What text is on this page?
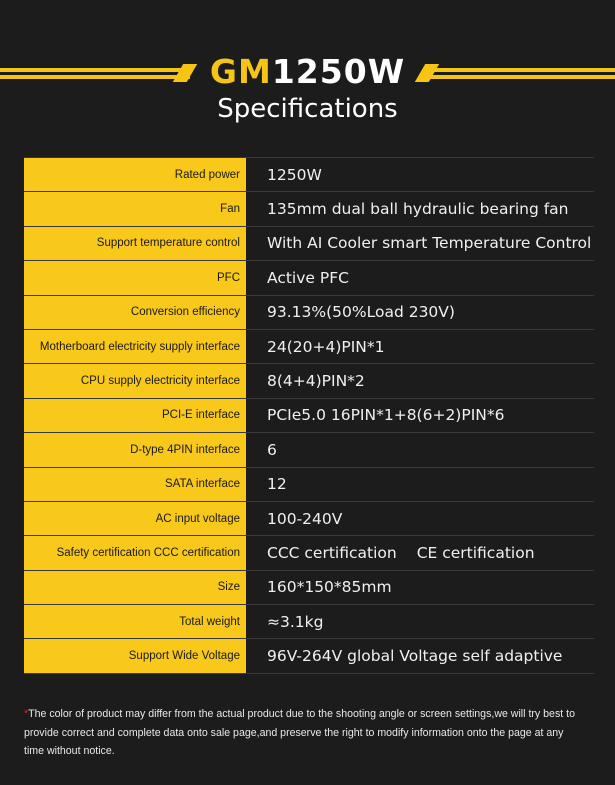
GM1250W
Specifications
Rated power	1250W
Fan	135mm dual ball hydraulic bearing fan
Support temperature control	With AI Cooler smart Temperature Control
PFC	Active PFC
Conversion efficiency	93.13%(50%Load 230V)
Motherboard electricity supply interface	24(20+4)PIN*1
CPU supply electricity interface	8(4+4)PIN*2
PCI-E interface	PCIe5.0 16PIN*1+8(6+2)PIN*6
D-type 4PIN interface	6
SATA interface	12
AC input voltage	100-240V
Safety certification CCC certification	CCC certification CE certification
Size	160*150*85mm
Total weight	≈3.1kg
Support Wide Voltage	96V-264V global Voltage self adaptive
*The color of product may differ from the actual product due to the shooting angle or screen settings,we will try best to provide correct and complete data onto sale page,and preserve the right to modify information onto the page at any time without notice.
